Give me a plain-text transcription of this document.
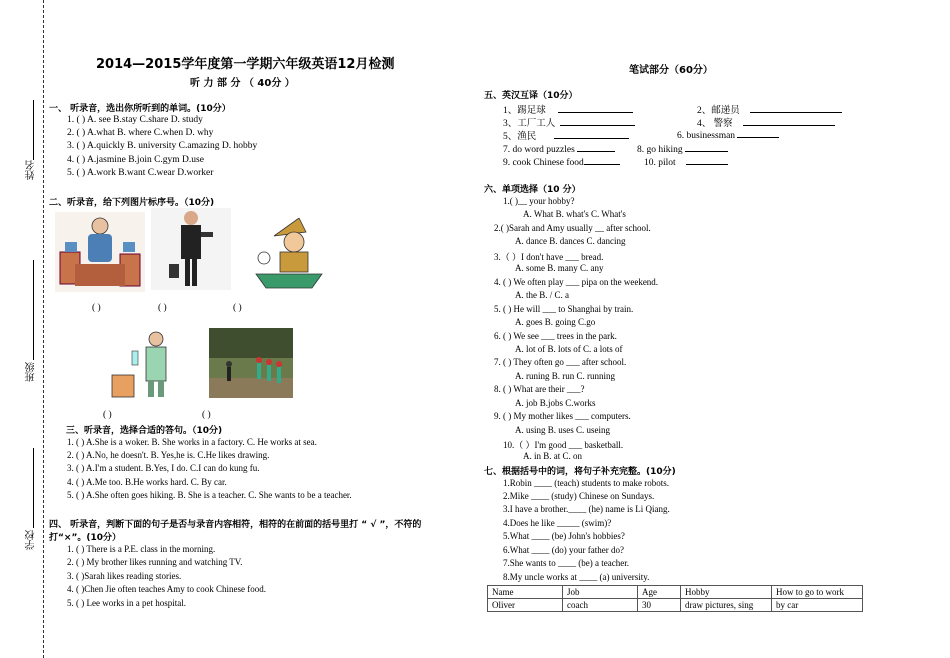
姓名
班级
学校
2014—2015学年度第一学期六年级英语12月检测
听 力 部 分 （ 40分 ）
一、 听录音，选出你所听到的单词。(10分）
1. ( ) A. see B.stay C.share D. study
2. ( ) A.what B. where C.when D. why
3. ( ) A.quickly B. university C.amazing D. hobby
4. ( ) A.jasmine B.join C.gym D.use
5. ( ) A.work B.want C.wear D.worker
二、听录音，给下列图片标序号。（10分)
( )	( )	( )
( )	( )
三、听录音，选择合适的答句。（10分)
1. ( ) A.She is a woker. B. She works in a factory. C. He works at sea.
2. ( ) A.No, he doesn't. B. Yes,he is. C.He likes drawing.
3. ( ) A.I'm a student. B.Yes, I do. C.I can do kung fu.
4. ( ) A.Me too. B.He works hard. C. By car.
5. ( ) A.She often goes hiking. B. She is a teacher. C. She wants to be a teacher.
四、 听录音，判断下面的句子是否与录音内容相符，相符的在前面的括号里打 “ √ ”，不符的
打“×”。(10分）
1. ( ) There is a P.E. class in the morning.
2. ( ) My brother likes running and watching TV.
3. ( )Sarah likes reading stories.
4. ( )Chen Jie often teaches Amy to cook Chinese food.
5. ( ) Lee works in a pet hospital.
笔试部分（60分）
五、英汉互译（10分）
1、踢足球	2、邮递员
3、工厂工人	4、 警察
5、渔民	6. businessman
7. do word puzzles	8. go hiking
9. cook Chinese food	10. pilot
六、单项选择（10 分）
1.( )__ your hobby?
A. What B. what's C. What's
2.( )Sarah and Amy usually __ after school.
A. dance B. dances C. dancing
3.（ ）I don't have ___ bread.
A. some B. many C. any
4. ( ) We often play ___ pipa on the weekend.
A. the B. / C. a
5. ( ) He will ___ to Shanghai by train.
A. goes B. going C.go
6. ( ) We see ___ trees in the park.
A. lot of B. lots of C. a lots of
7. ( ) They often go ___ after school.
A. runing B. run C. running
8. ( ) What are their ___?
A. job B.jobs C.works
9. ( ) My mother likes ___ computers.
A. using B. uses C. useing
10.（ ）I'm good ___ basketball.
A. in B. at C. on
七、根据括号中的词，将句子补充完整。(10分)
1.Robin ____ (teach) students to make robots.
2.Mike ____ (study) Chinese on Sundays.
3.I have a brother.____ (he) name is Li Qiang.
4.Does he like _____ (swim)?
5.What ____ (be) John's hobbies?
6.What ____ (do) your father do?
7.She wants to ____ (be) a teacher.
8.My uncle works at ____ (a) university.
Name	Job	Age	Hobby	How to go to work
Oliver	coach	30	draw pictures, sing	by car
